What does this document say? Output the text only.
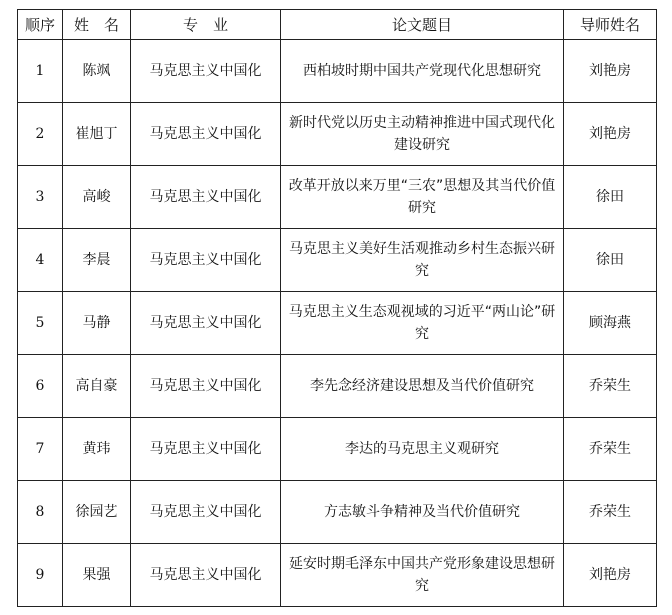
顺序	姓　名	专　业	论文题目	导师姓名
1	陈飒	马克思主义中国化	西柏坡时期中国共产党现代化思想研究	刘艳房
2	崔旭丁	马克思主义中国化	新时代党以历史主动精神推进中国式现代化建设研究	刘艳房
3	高峻	马克思主义中国化	改革开放以来万里“三农”思想及其当代价值研究	徐田
4	李晨	马克思主义中国化	马克思主义美好生活观推动乡村生态振兴研究	徐田
5	马静	马克思主义中国化	马克思主义生态观视域的习近平“两山论”研究	顾海燕
6	高自豪	马克思主义中国化	李先念经济建设思想及当代价值研究	乔荣生
7	黄玮	马克思主义中国化	李达的马克思主义观研究	乔荣生
8	徐园艺	马克思主义中国化	方志敏斗争精神及当代价值研究	乔荣生
9	果强	马克思主义中国化	延安时期毛泽东中国共产党形象建设思想研究	刘艳房
